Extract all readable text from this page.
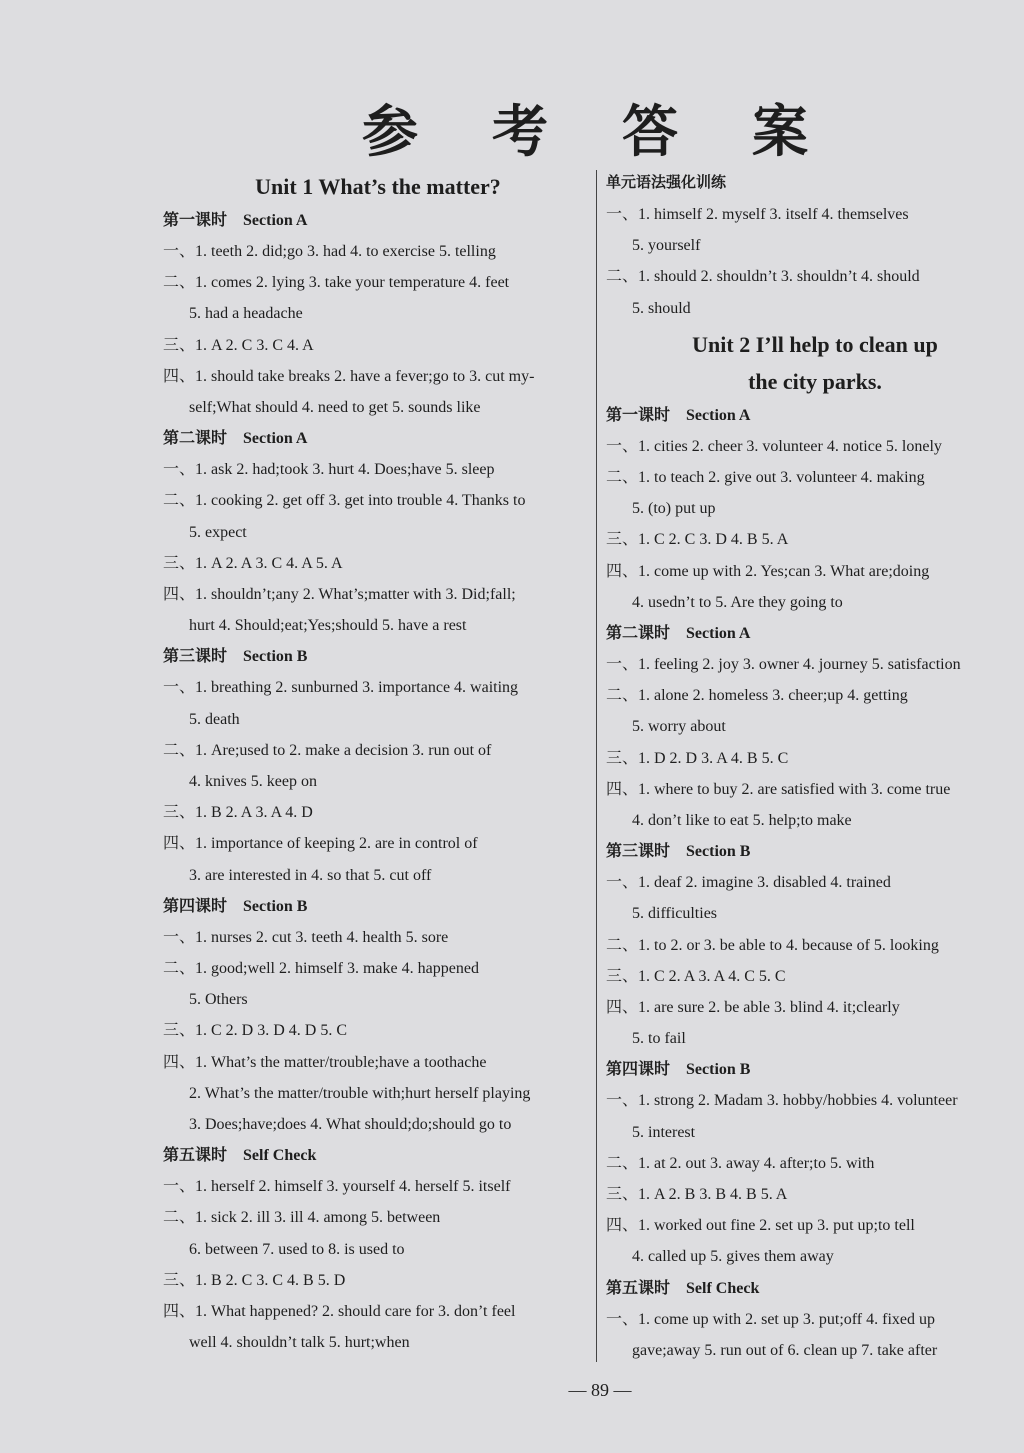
参 考 答 案
Unit 1 What’s the matter?
第一课时 Section A
一、1. teeth 2. did;go 3. had 4. to exercise 5. telling
二、1. comes 2. lying 3. take your temperature 4. feet
5. had a headache
三、1. A 2. C 3. C 4. A
四、1. should take breaks 2. have a fever;go to 3. cut my-
self;What should 4. need to get 5. sounds like
第二课时 Section A
一、1. ask 2. had;took 3. hurt 4. Does;have 5. sleep
二、1. cooking 2. get off 3. get into trouble 4. Thanks to
5. expect
三、1. A 2. A 3. C 4. A 5. A
四、1. shouldn’t;any 2. What’s;matter with 3. Did;fall;
hurt 4. Should;eat;Yes;should 5. have a rest
第三课时 Section B
一、1. breathing 2. sunburned 3. importance 4. waiting
5. death
二、1. Are;used to 2. make a decision 3. run out of
4. knives 5. keep on
三、1. B 2. A 3. A 4. D
四、1. importance of keeping 2. are in control of
3. are interested in 4. so that 5. cut off
第四课时 Section B
一、1. nurses 2. cut 3. teeth 4. health 5. sore
二、1. good;well 2. himself 3. make 4. happened
5. Others
三、1. C 2. D 3. D 4. D 5. C
四、1. What’s the matter/trouble;have a toothache
2. What’s the matter/trouble with;hurt herself playing
3. Does;have;does 4. What should;do;should go to
第五课时 Self Check
一、1. herself 2. himself 3. yourself 4. herself 5. itself
二、1. sick 2. ill 3. ill 4. among 5. between
6. between 7. used to 8. is used to
三、1. B 2. C 3. C 4. B 5. D
四、1. What happened? 2. should care for 3. don’t feel
well 4. shouldn’t talk 5. hurt;when
单元语法强化训练
一、1. himself 2. myself 3. itself 4. themselves
5. yourself
二、1. should 2. shouldn’t 3. shouldn’t 4. should
5. should
Unit 2 I’ll help to clean up
the city parks.
第一课时 Section A
一、1. cities 2. cheer 3. volunteer 4. notice 5. lonely
二、1. to teach 2. give out 3. volunteer 4. making
5. (to) put up
三、1. C 2. C 3. D 4. B 5. A
四、1. come up with 2. Yes;can 3. What are;doing
4. usedn’t to 5. Are they going to
第二课时 Section A
一、1. feeling 2. joy 3. owner 4. journey 5. satisfaction
二、1. alone 2. homeless 3. cheer;up 4. getting
5. worry about
三、1. D 2. D 3. A 4. B 5. C
四、1. where to buy 2. are satisfied with 3. come true
4. don’t like to eat 5. help;to make
第三课时 Section B
一、1. deaf 2. imagine 3. disabled 4. trained
5. difficulties
二、1. to 2. or 3. be able to 4. because of 5. looking
三、1. C 2. A 3. A 4. C 5. C
四、1. are sure 2. be able 3. blind 4. it;clearly
5. to fail
第四课时 Section B
一、1. strong 2. Madam 3. hobby/hobbies 4. volunteer
5. interest
二、1. at 2. out 3. away 4. after;to 5. with
三、1. A 2. B 3. B 4. B 5. A
四、1. worked out fine 2. set up 3. put up;to tell
4. called up 5. gives them away
第五课时 Self Check
一、1. come up with 2. set up 3. put;off 4. fixed up
gave;away 5. run out of 6. clean up 7. take after
— 89 —
